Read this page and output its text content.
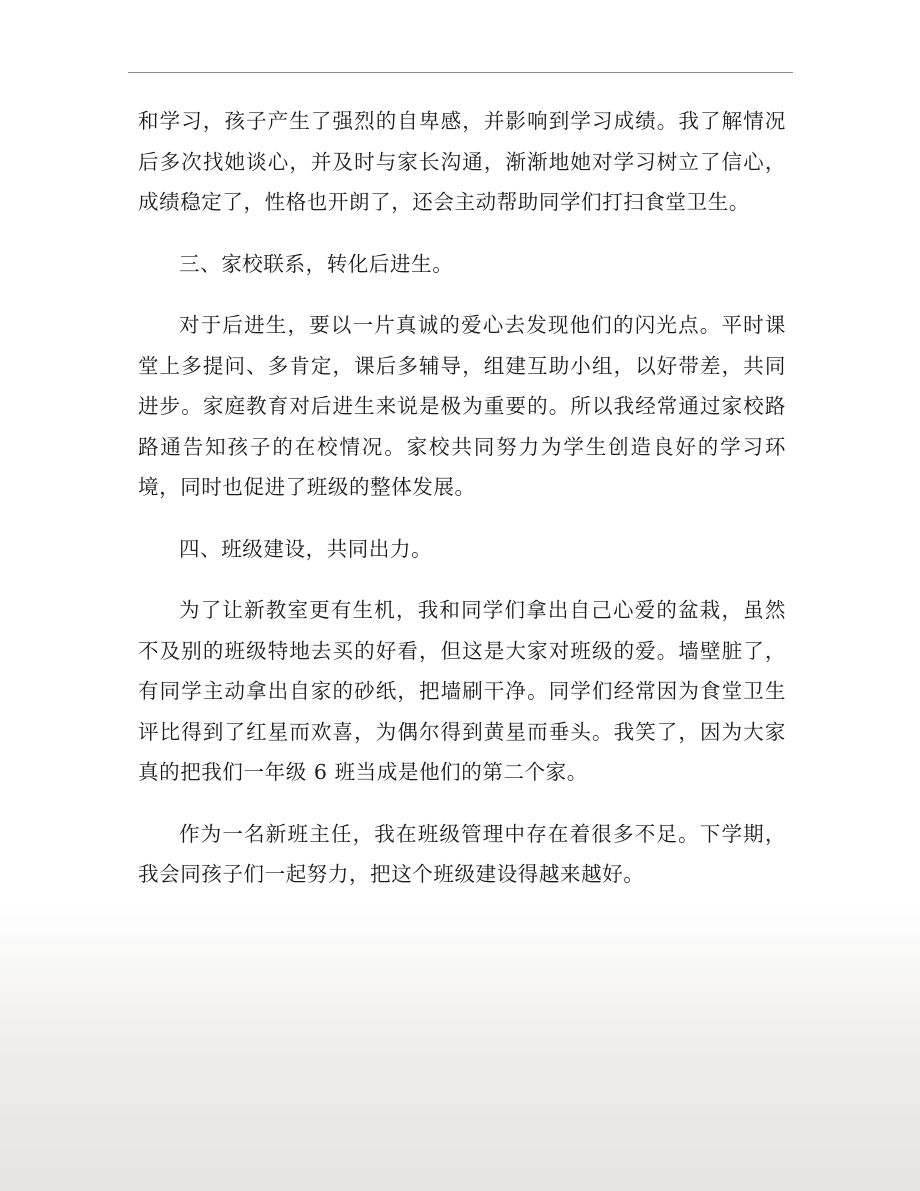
和学习，孩子产生了强烈的自卑感，并影响到学习成绩。我了解情况后多次找她谈心，并及时与家长沟通，渐渐地她对学习树立了信心，成绩稳定了，性格也开朗了，还会主动帮助同学们打扫食堂卫生。

三、家校联系，转化后进生。

对于后进生，要以一片真诚的爱心去发现他们的闪光点。平时课堂上多提问、多肯定，课后多辅导，组建互助小组，以好带差，共同进步。家庭教育对后进生来说是极为重要的。所以我经常通过家校路路通告知孩子的在校情况。家校共同努力为学生创造良好的学习环境，同时也促进了班级的整体发展。

四、班级建设，共同出力。

为了让新教室更有生机，我和同学们拿出自己心爱的盆栽，虽然不及别的班级特地去买的好看，但这是大家对班级的爱。墙壁脏了，有同学主动拿出自家的砂纸，把墙刷干净。同学们经常因为食堂卫生评比得到了红星而欢喜，为偶尔得到黄星而垂头。我笑了，因为大家真的把我们一年级 6 班当成是他们的第二个家。

作为一名新班主任，我在班级管理中存在着很多不足。下学期，我会同孩子们一起努力，把这个班级建设得越来越好。
